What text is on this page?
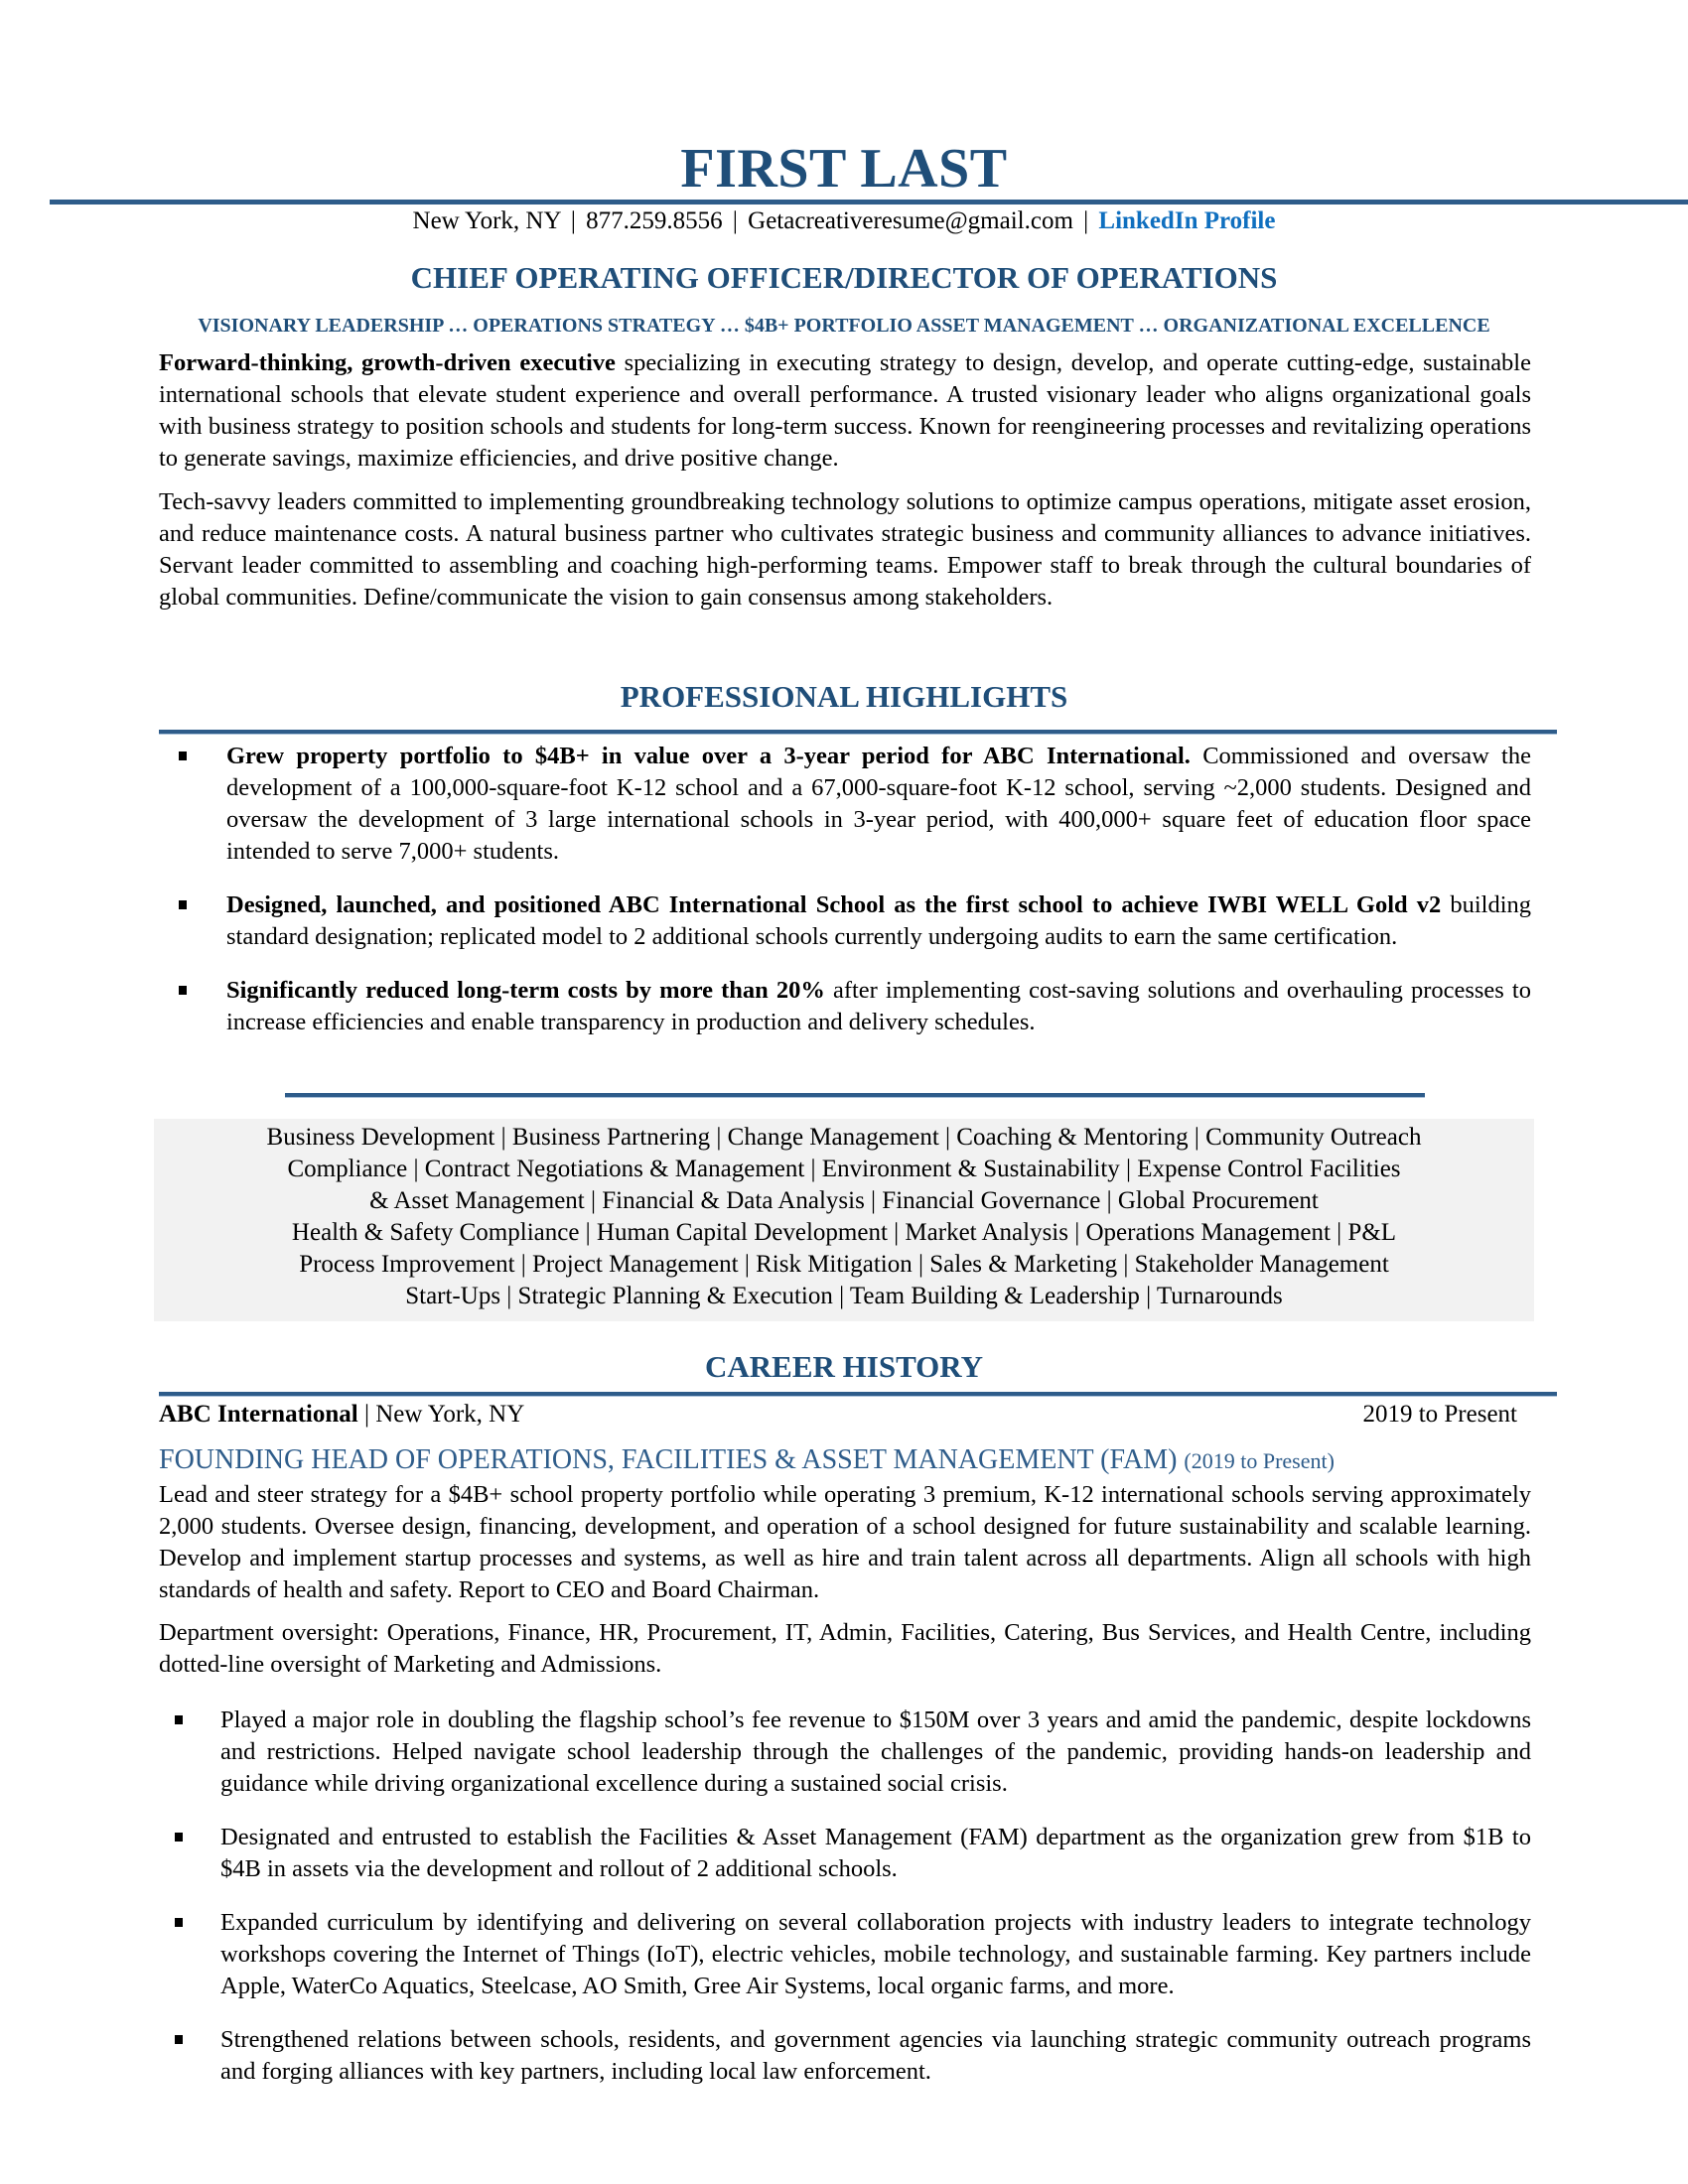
FIRST LAST
New York, NY | 877.259.8556 | Getacreativeresume@gmail.com | LinkedIn Profile
CHIEF OPERATING OFFICER/DIRECTOR OF OPERATIONS
VISIONARY LEADERSHIP … OPERATIONS STRATEGY … $4B+ PORTFOLIO ASSET MANAGEMENT … ORGANIZATIONAL EXCELLENCE
Forward-thinking, growth-driven executive specializing in executing strategy to design, develop, and operate cutting-edge, sustainable international schools that elevate student experience and overall performance. A trusted visionary leader who aligns organizational goals with business strategy to position schools and students for long-term success. Known for reengineering processes and revitalizing operations to generate savings, maximize efficiencies, and drive positive change.
Tech-savvy leaders committed to implementing groundbreaking technology solutions to optimize campus operations, mitigate asset erosion, and reduce maintenance costs. A natural business partner who cultivates strategic business and community alliances to advance initiatives. Servant leader committed to assembling and coaching high-performing teams. Empower staff to break through the cultural boundaries of global communities. Define/communicate the vision to gain consensus among stakeholders.
PROFESSIONAL HIGHLIGHTS
Grew property portfolio to $4B+ in value over a 3-year period for ABC International. Commissioned and oversaw the development of a 100,000-square-foot K-12 school and a 67,000-square-foot K-12 school, serving ~2,000 students. Designed and oversaw the development of 3 large international schools in 3-year period, with 400,000+ square feet of education floor space intended to serve 7,000+ students.
Designed, launched, and positioned ABC International School as the first school to achieve IWBI WELL Gold v2 building standard designation; replicated model to 2 additional schools currently undergoing audits to earn the same certification.
Significantly reduced long-term costs by more than 20% after implementing cost-saving solutions and overhauling processes to increase efficiencies and enable transparency in production and delivery schedules.
Business Development | Business Partnering | Change Management | Coaching & Mentoring | Community Outreach
Compliance | Contract Negotiations & Management | Environment & Sustainability | Expense Control Facilities
& Asset Management | Financial & Data Analysis | Financial Governance | Global Procurement
Health & Safety Compliance | Human Capital Development | Market Analysis | Operations Management | P&L
Process Improvement | Project Management | Risk Mitigation | Sales & Marketing | Stakeholder Management
Start-Ups | Strategic Planning & Execution | Team Building & Leadership | Turnarounds
CAREER HISTORY
ABC International | New York, NY	2019 to Present
FOUNDING HEAD OF OPERATIONS, FACILITIES & ASSET MANAGEMENT (FAM) (2019 to Present)
Lead and steer strategy for a $4B+ school property portfolio while operating 3 premium, K-12 international schools serving approximately 2,000 students. Oversee design, financing, development, and operation of a school designed for future sustainability and scalable learning. Develop and implement startup processes and systems, as well as hire and train talent across all departments. Align all schools with high standards of health and safety. Report to CEO and Board Chairman.
Department oversight: Operations, Finance, HR, Procurement, IT, Admin, Facilities, Catering, Bus Services, and Health Centre, including dotted-line oversight of Marketing and Admissions.
Played a major role in doubling the flagship school’s fee revenue to $150M over 3 years and amid the pandemic, despite lockdowns and restrictions. Helped navigate school leadership through the challenges of the pandemic, providing hands-on leadership and guidance while driving organizational excellence during a sustained social crisis.
Designated and entrusted to establish the Facilities & Asset Management (FAM) department as the organization grew from $1B to $4B in assets via the development and rollout of 2 additional schools.
Expanded curriculum by identifying and delivering on several collaboration projects with industry leaders to integrate technology workshops covering the Internet of Things (IoT), electric vehicles, mobile technology, and sustainable farming. Key partners include Apple, WaterCo Aquatics, Steelcase, AO Smith, Gree Air Systems, local organic farms, and more.
Strengthened relations between schools, residents, and government agencies via launching strategic community outreach programs and forging alliances with key partners, including local law enforcement.
